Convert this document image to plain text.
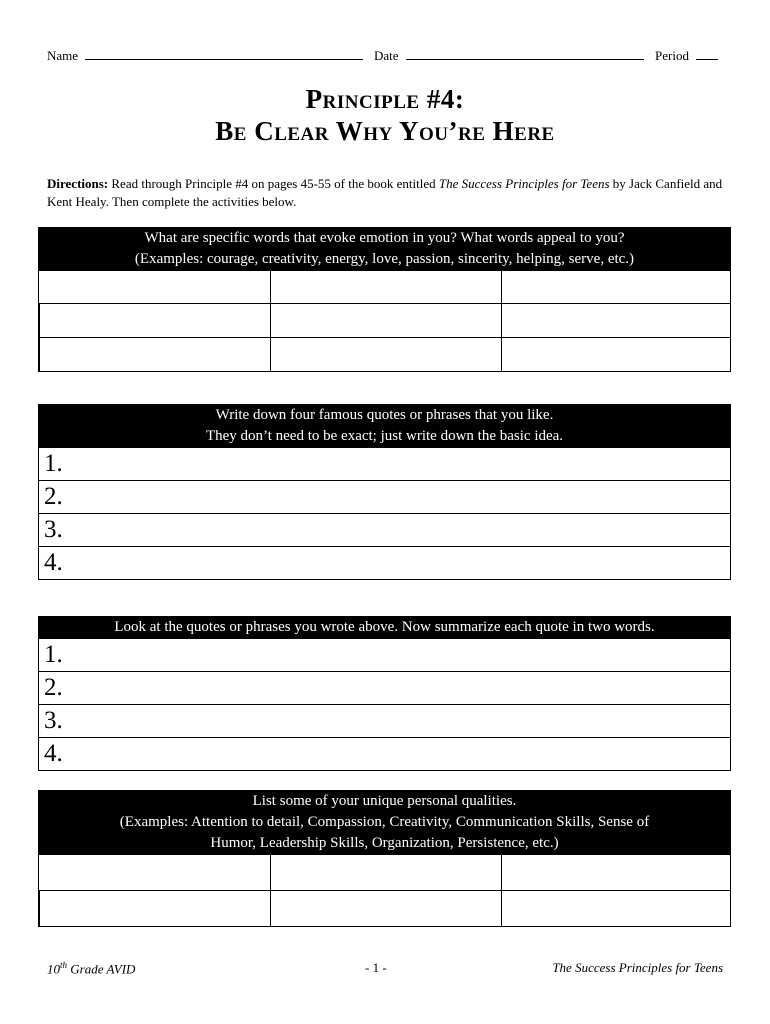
Name	Date	Period
Principle #4:
Be Clear Why You’re Here
Directions: Read through Principle #4 on pages 45-55 of the book entitled The Success Principles for Teens by Jack Canfield and Kent Healy. Then complete the activities below.
What are specific words that evoke emotion in you? What words appeal to you?
(Examples: courage, creativity, energy, love, passion, sincerity, helping, serve, etc.)
Write down four famous quotes or phrases that you like.
They don’t need to be exact; just write down the basic idea.
1.
2.
3.
4.
Look at the quotes or phrases you wrote above. Now summarize each quote in two words.
1.
2.
3.
4.
List some of your unique personal qualities.
(Examples: Attention to detail, Compassion, Creativity, Communication Skills, Sense of
Humor, Leadership Skills, Organization, Persistence, etc.)
10th Grade AVID	- 1 -	The Success Principles for Teens
